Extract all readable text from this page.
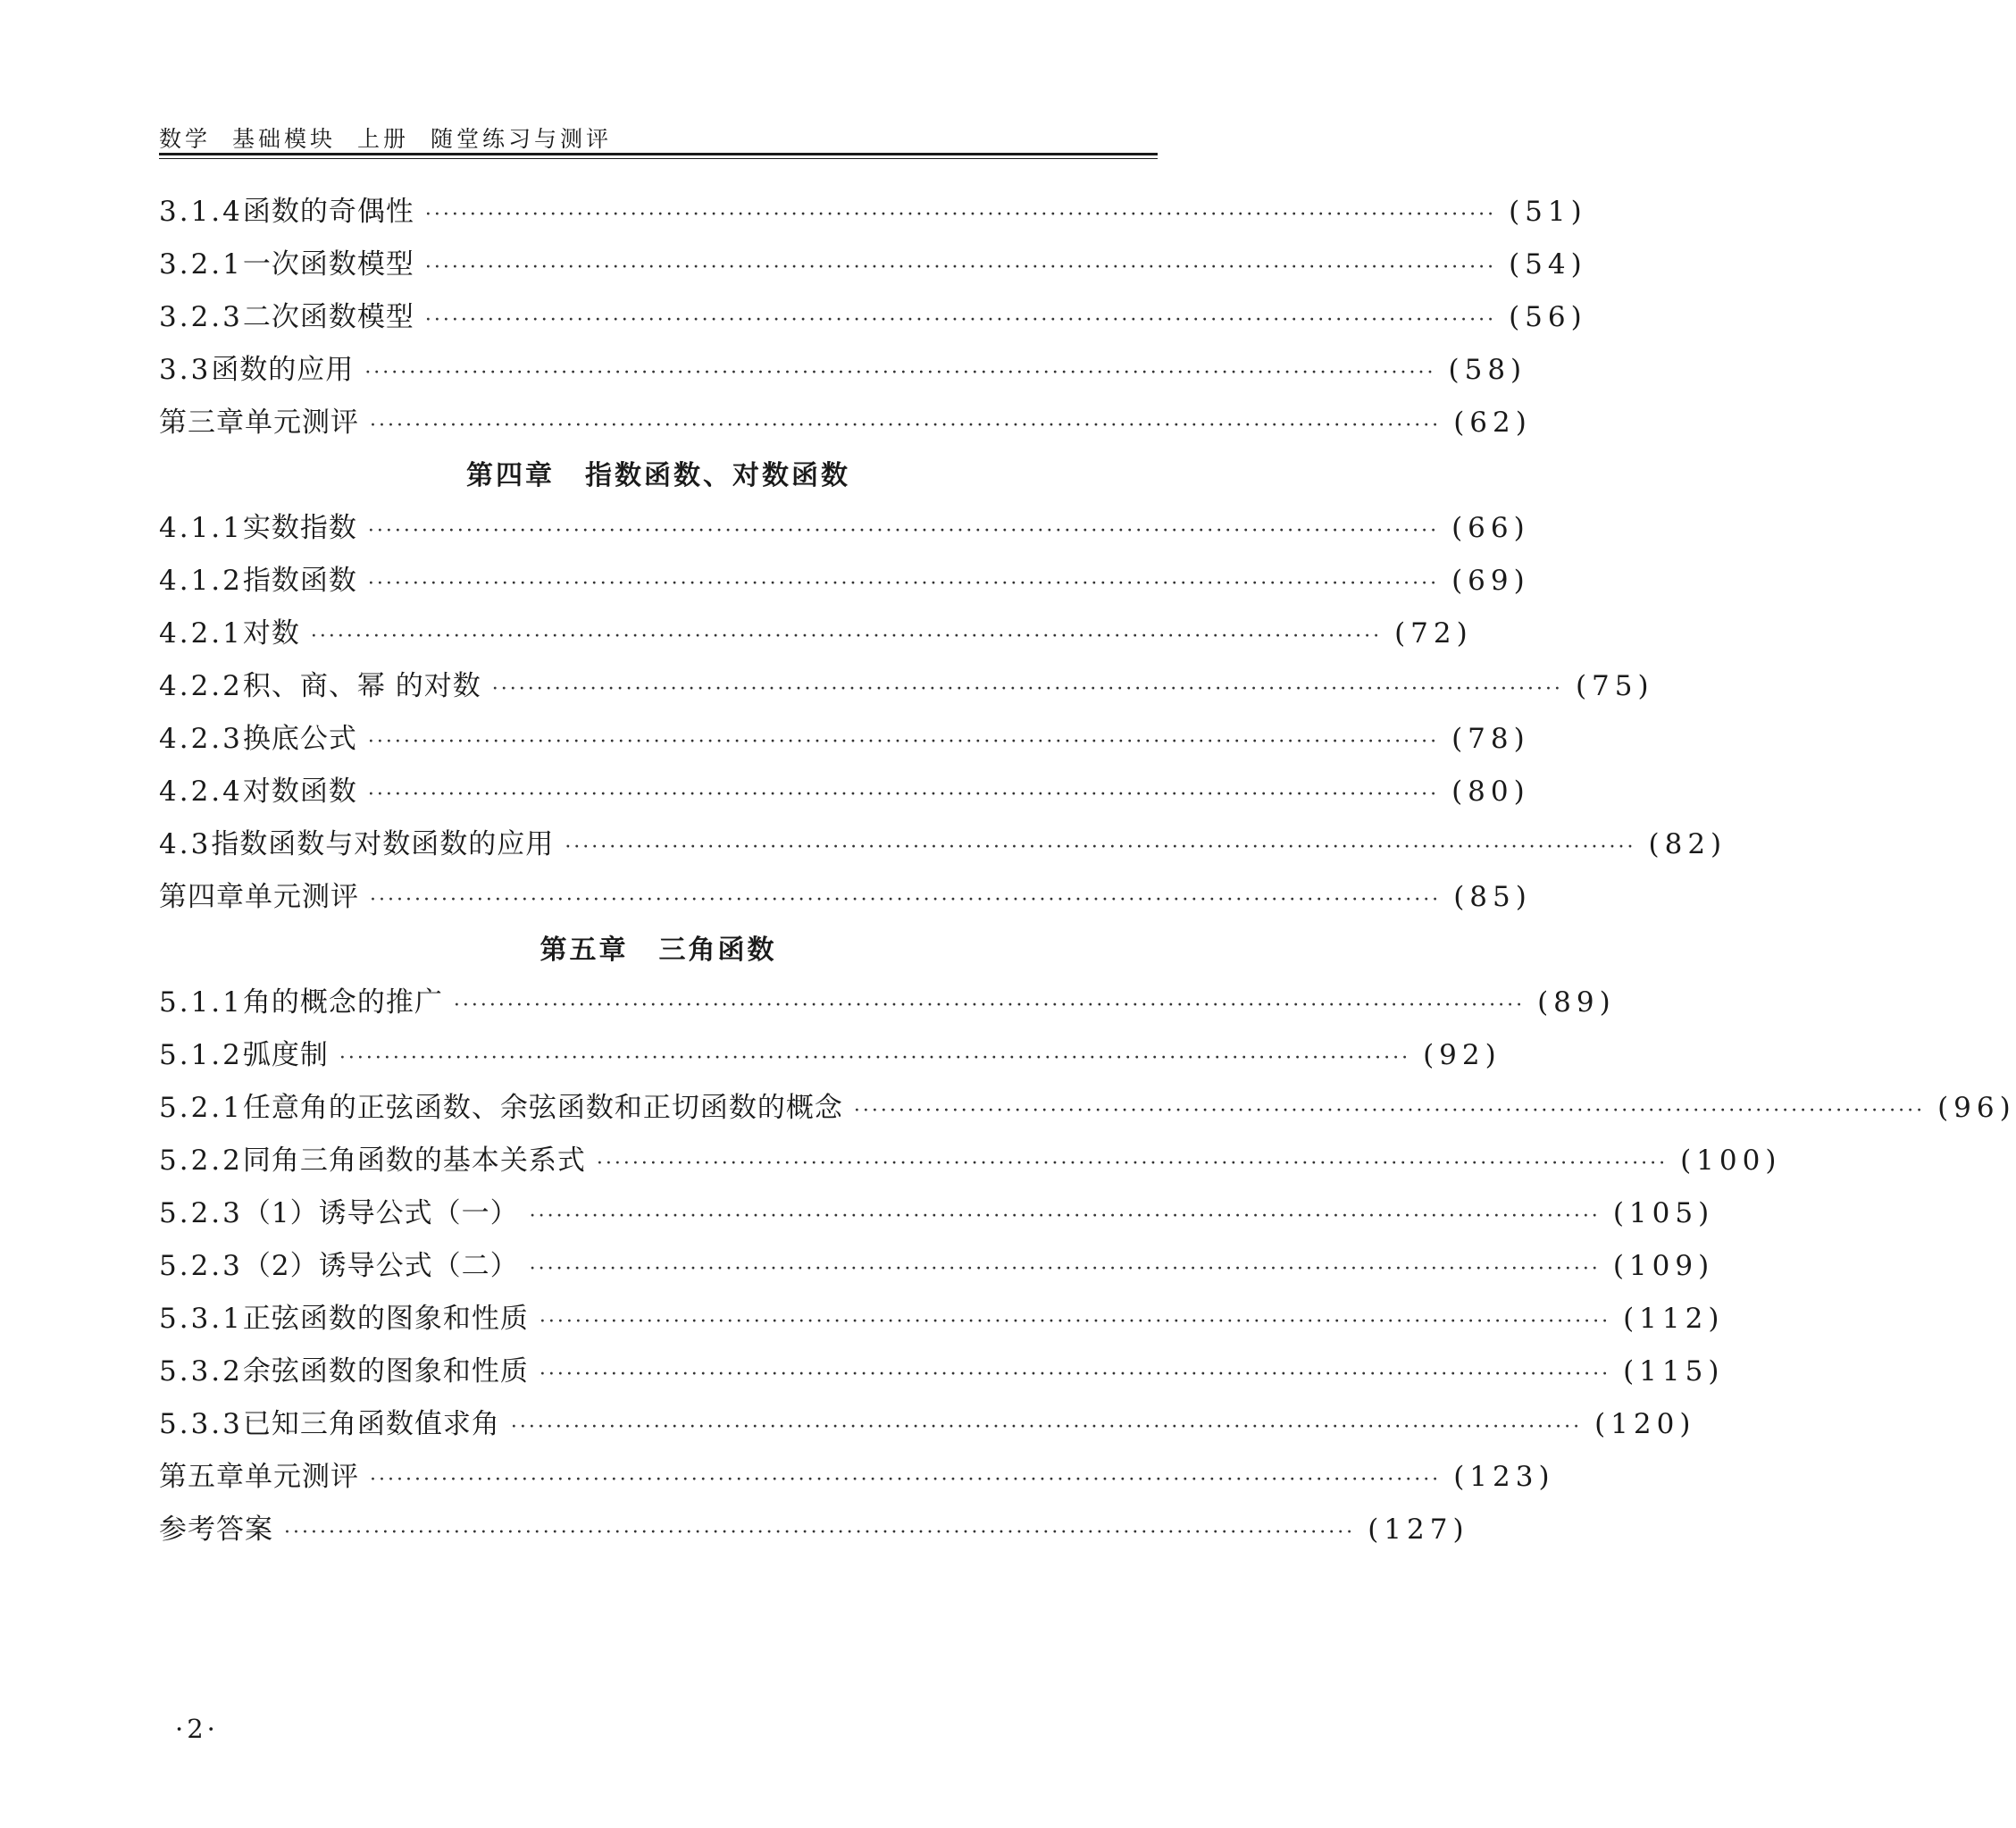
数学 基础模块 上册 随堂练习与测评
3.1.4 函数的奇偶性 ························································································································ (51)
3.2.1 一次函数模型 ························································································································ (54)
3.2.3 二次函数模型 ························································································································ (56)
3.3 函数的应用 ························································································································ (58)
第三章单元测评 ························································································································ (62)
第四章 指数函数、对数函数
4.1.1 实数指数 ························································································································ (66)
4.1.2 指数函数 ························································································································ (69)
4.2.1 对数 ························································································································ (72)
4.2.2 积、商、幂 的对数 ························································································································ (75)
4.2.3 换底公式 ························································································································ (78)
4.2.4 对数函数 ························································································································ (80)
4.3 指数函数与对数函数的应用 ························································································································ (82)
第四章单元测评 ························································································································ (85)
第五章 三角函数
5.1.1 角的概念的推广 ························································································································ (89)
5.1.2 弧度制 ························································································································ (92)
5.2.1 任意角的正弦函数、余弦函数和正切函数的概念 ························································································································ (96)
5.2.2 同角三角函数的基本关系式 ························································································································ (100)
5.2.3 （1）诱导公式（一） ························································································································ (105)
5.2.3 （2）诱导公式（二） ························································································································ (109)
5.3.1 正弦函数的图象和性质 ························································································································ (112)
5.3.2 余弦函数的图象和性质 ························································································································ (115)
5.3.3 已知三角函数值求角 ························································································································ (120)
第五章单元测评 ························································································································ (123)
参考答案 ························································································································ (127)
·2·
